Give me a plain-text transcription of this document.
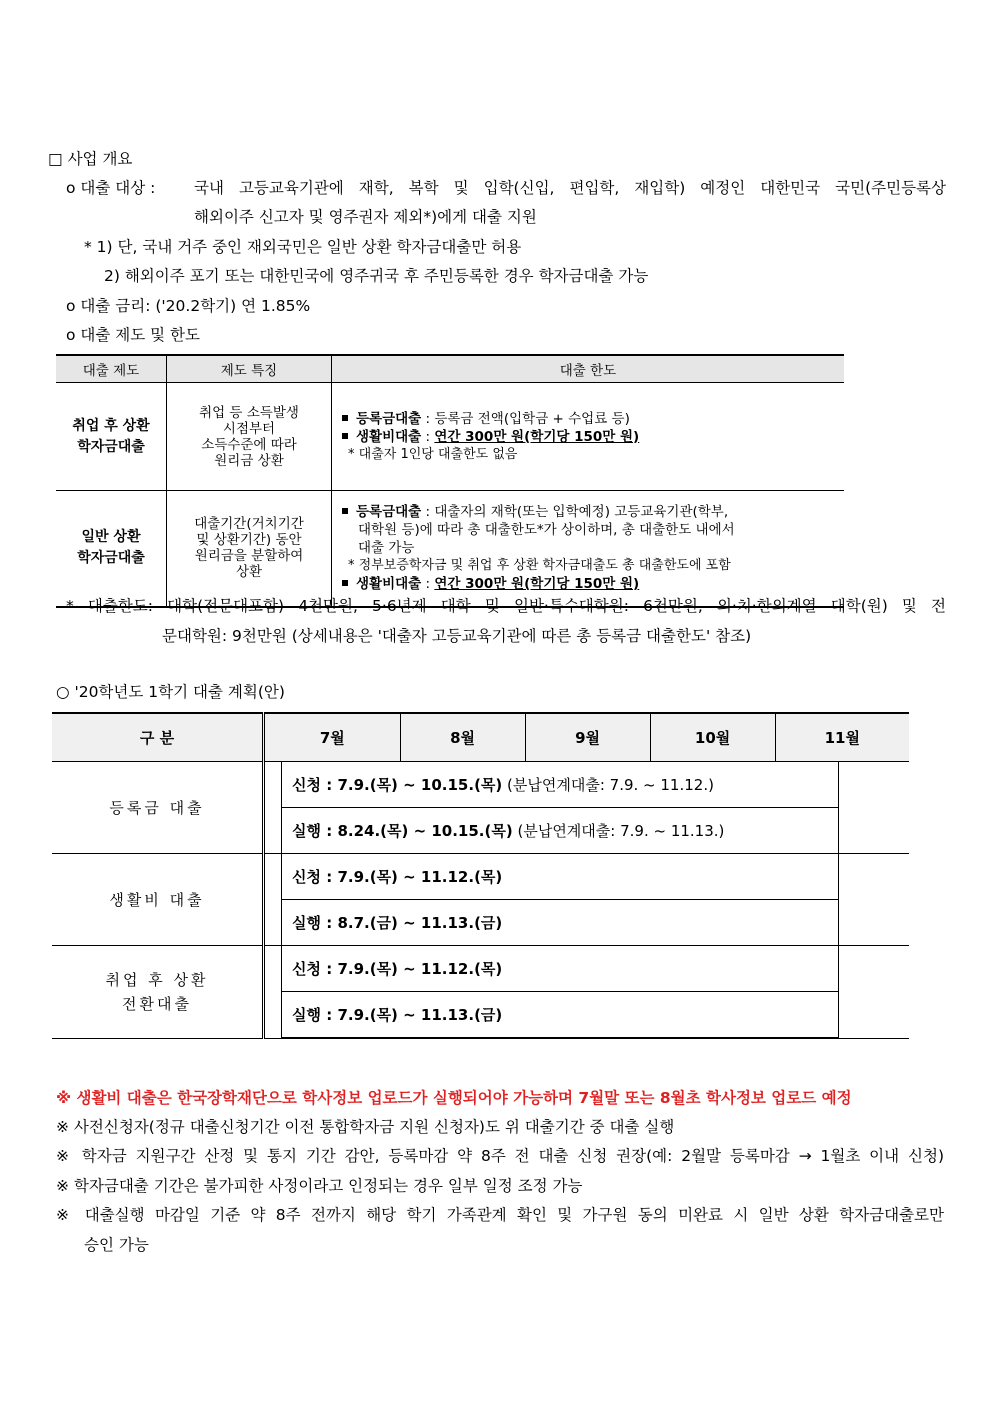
□ 사업 개요
o 대출 대상 : 국내 고등교육기관에 재학, 복학 및 입학(신입, 편입학, 재입학) 예정인 대한민국 국민(주민등록상
해외이주 신고자 및 영주권자 제외*)에게 대출 지원
* 1) 단, 국내 거주 중인 재외국민은 일반 상환 학자금대출만 허용
2) 해외이주 포기 또는 대한민국에 영주귀국 후 주민등록한 경우 학자금대출 가능
o 대출 금리: ('20.2학기) 연 1.85%
o 대출 제도 및 한도
대출 제도	제도 특징	대출 한도
취업 후 상환
학자금대출	취업 등 소득발생
시점부터
소득수준에 따라
원리금 상환	등록금대출 : 등록금 전액(입학금 + 수업료 등)
생활비대출 : 연간 300만 원(학기당 150만 원)
* 대출자 1인당 대출한도 없음

일반 상환
학자금대출	대출기간(거치기간
및 상환기간) 동안
원리금을 분할하여
상환	등록금대출 : 대출자의 재학(또는 입학예정) 고등교육기관(학부,
대학원 등)에 따라 총 대출한도*가 상이하며, 총 대출한도 내에서
대출 가능
* 정부보증학자금 및 취업 후 상환 학자금대출도 총 대출한도에 포함
생활비대출 : 연간 300만 원(학기당 150만 원)
* 대출한도: 대학(전문대포함) 4천만원, 5·6년제 대학 및 일반·특수대학원: 6천만원, 의·치·한의계열 대학(원) 및 전
문대학원: 9천만원 (상세내용은 '대출자 고등교육기관에 따른 총 등록금 대출한도' 참조)
○ '20학년도 1학기 대출 계획(안)
구 분	7월		8월	9월	10월	11월	
등록금 대출		신청 : 7.9.(목) ~ 10.15.(목) (분납연계대출: 7.9. ~ 11.12.)					
		실행 : 8.24.(목) ~ 10.15.(목) (분납연계대출: 7.9. ~ 11.13.)					
생활비 대출		신청 : 7.9.(목) ~ 11.12.(목)					
		실행 : 8.7.(금) ~ 11.13.(금)					
취업 후 상환
전환대출		신청 : 7.9.(목) ~ 11.12.(목)					
		실행 : 7.9.(목) ~ 11.13.(금)					
※ 생활비 대출은 한국장학재단으로 학사정보 업로드가 실행되어야 가능하며 7월말 또는 8월초 학사정보 업로드 예정
※ 사전신청자(정규 대출신청기간 이전 통합학자금 지원 신청자)도 위 대출기간 중 대출 실행
※ 학자금 지원구간 산정 및 통지 기간 감안, 등록마감 약 8주 전 대출 신청 권장(예: 2월말 등록마감 → 1월초 이내 신청)
※ 학자금대출 기간은 불가피한 사정이라고 인정되는 경우 일부 일정 조정 가능
※ 대출실행 마감일 기준 약 8주 전까지 해당 학기 가족관계 확인 및 가구원 동의 미완료 시 일반 상환 학자금대출로만
승인 가능
